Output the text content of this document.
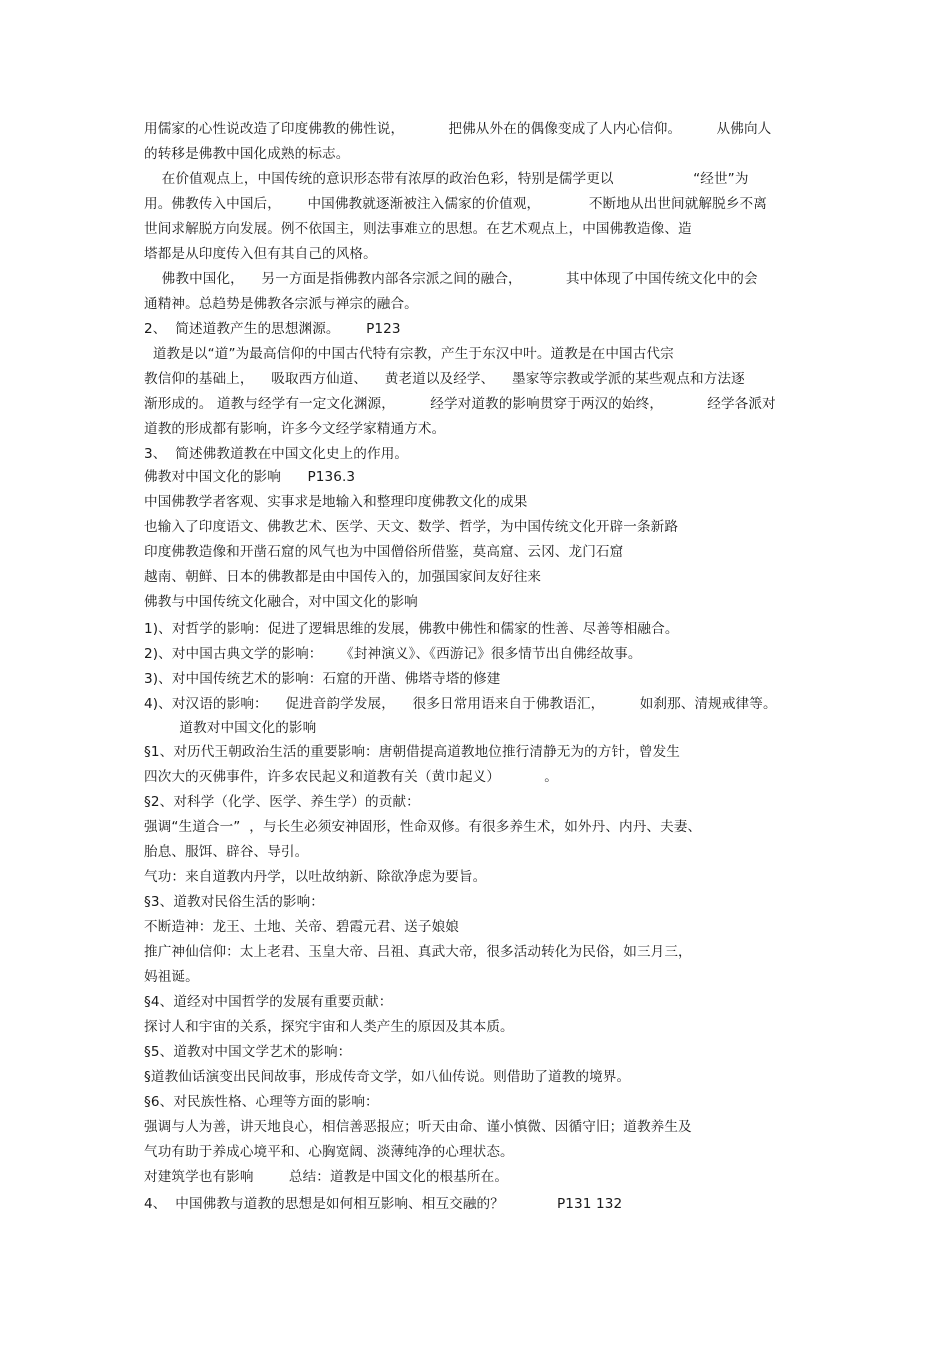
用儒家的心性说改造了印度佛教的佛性说，          把佛从外在的偶像变成了人内心信仰。        从佛向人
的转移是佛教中国化成熟的标志。
在价值观点上，中国传统的意识形态带有浓厚的政治色彩，特别是儒学更以                  “经世”为
用。佛教传入中国后，      中国佛教就逐渐被注入儒家的价值观，           不断地从出世间就解脱乡不离
世间求解脱方向发展。例不依国主，则法事难立的思想。在艺术观点上，中国佛教造像、造
塔都是从印度传入但有其自己的风格。
佛教中国化，    另一方面是指佛教内部各宗派之间的融合，          其中体现了中国传统文化中的会
通精神。总趋势是佛教各宗派与禅宗的融合。
2、  简述道教产生的思想渊源。      P123
道教是以“道”为最高信仰的中国古代特有宗教，产生于东汉中叶。道教是在中国古代宗
教信仰的基础上，    吸取西方仙道、    黄老道以及经学、    墨家等宗教或学派的某些观点和方法逐
渐形成的。 道教与经学有一定文化渊源，        经学对道教的影响贯穿于两汉的始终，          经学各派对
道教的形成都有影响，许多今文经学家精通方术。
3、  简述佛教道教在中国文化史上的作用。
佛教对中国文化的影响      P136.3
中国佛教学者客观、实事求是地输入和整理印度佛教文化的成果
也输入了印度语文、佛教艺术、医学、天文、数学、哲学，为中国传统文化开辟一条新路
印度佛教造像和开凿石窟的风气也为中国僧俗所借鉴，莫高窟、云冈、龙门石窟
越南、朝鲜、日本的佛教都是由中国传入的，加强国家间友好往来
佛教与中国传统文化融合，对中国文化的影响
1)、对哲学的影响：促进了逻辑思维的发展，佛教中佛性和儒家的性善、尽善等相融合。
2)、对中国古典文学的影响：    《封神演义》、《西游记》很多情节出自佛经故事。
3)、对中国传统艺术的影响：石窟的开凿、佛塔寺塔的修建
4)、对汉语的影响：    促进音韵学发展，    很多日常用语来自于佛教语汇，        如刹那、清规戒律等。
道教对中国文化的影响
§1、对历代王朝政治生活的重要影响：唐朝借提高道教地位推行清静无为的方针，曾发生
四次大的灭佛事件，许多农民起义和道教有关（黄巾起义）          。
§2、对科学（化学、医学、养生学）的贡献：
强调“生道合一”  ，与长生必须安神固形，性命双修。有很多养生术，如外丹、内丹、夫妻、
胎息、服饵、辟谷、导引。
气功：来自道教内丹学，以吐故纳新、除欲净虑为要旨。
§3、道教对民俗生活的影响：
不断造神：龙王、土地、关帝、碧霞元君、送子娘娘
推广神仙信仰：太上老君、玉皇大帝、吕祖、真武大帝，很多活动转化为民俗，如三月三，
妈祖诞。
§4、道经对中国哲学的发展有重要贡献：
探讨人和宇宙的关系，探究宇宙和人类产生的原因及其本质。
§5、道教对中国文学艺术的影响：
§道教仙话演变出民间故事，形成传奇文学，如八仙传说。则借助了道教的境界。
§6、对民族性格、心理等方面的影响：
强调与人为善，讲天地良心，相信善恶报应；听天由命、谨小慎微、因循守旧；道教养生及
气功有助于养成心境平和、心胸宽阔、淡薄纯净的心理状态。
对建筑学也有影响        总结：道教是中国文化的根基所在。
4、  中国佛教与道教的思想是如何相互影响、相互交融的？            P131 132
